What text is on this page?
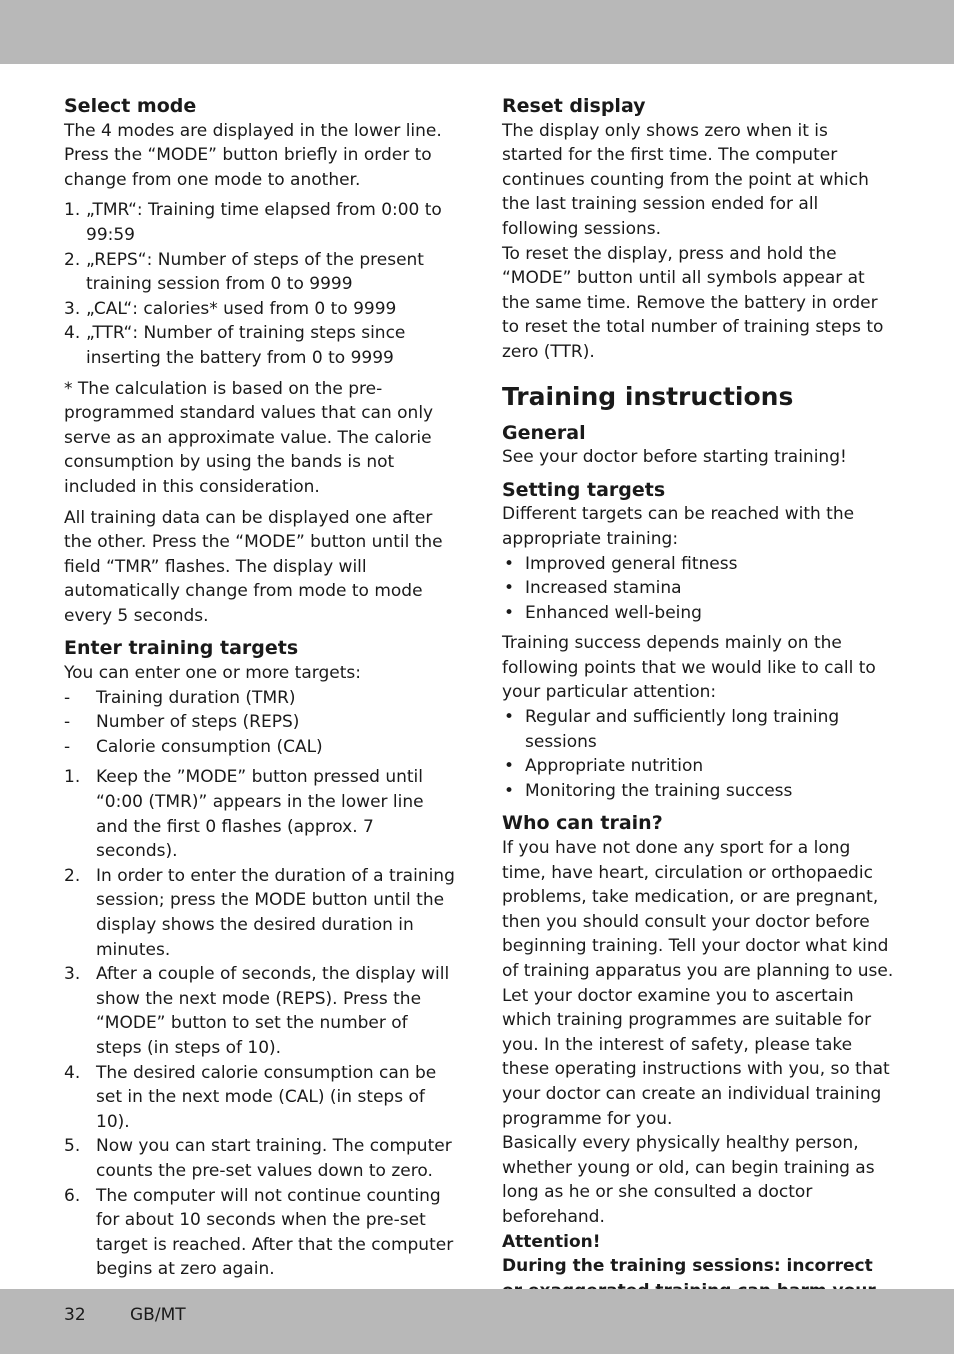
Select mode

The 4 modes are displayed in the lower line. Press the “MODE” button briefly in order to change from one mode to another.

1. „TMR“: Training time elapsed from 0:00 to 99:59
2. „REPS“: Number of steps of the present training session from 0 to 9999
3. „CAL“: calories* used from 0 to 9999
4. „TTR“: Number of training steps since inserting the battery from 0 to 9999

* The calculation is based on the pre-programmed standard values that can only serve as an approximate value. The calorie consumption by using the bands is not included in this consideration.

All training data can be displayed one after the other. Press the “MODE” button until the field “TMR” flashes. The display will automatically change from mode to mode every 5 seconds.

Enter training targets

You can enter one or more targets:

- Training duration (TMR)
- Number of steps (REPS)
- Calorie consumption (CAL)
1. Keep the ”MODE” button pressed until “0:00 (TMR)” appears in the lower line and the first 0 flashes (approx. 7 seconds).
2. In order to enter the duration of a training session; press the MODE button until the display shows the desired duration in minutes.
3. After a couple of seconds, the display will show the next mode (REPS). Press the “MODE” button to set the number of steps (in steps of 10).
4. The desired calorie consumption can be set in the next mode (CAL) (in steps of 10).
5. Now you can start training. The computer counts the pre-set values down to zero.
6. The computer will not continue counting for about 10 seconds when the pre-set target is reached. After that the computer begins at zero again.
Reset display

The display only shows zero when it is started for the first time. The computer continues counting from the point at which the last training session ended for all following sessions.

To reset the display, press and hold the “MODE” button until all symbols appear at the same time. Remove the battery in order to reset the total number of training steps to zero (TTR).

Training instructions
General

See your doctor before starting training!

Setting targets

Different targets can be reached with the appropriate training:

• Improved general fitness
• Increased stamina
• Enhanced well-being

Training success depends mainly on the following points that we would like to call to your particular attention:

• Regular and sufficiently long training sessions
• Appropriate nutrition
• Monitoring the training success
Who can train?

If you have not done any sport for a long time, have heart, circulation or orthopaedic problems, take medication, or are pregnant, then you should consult your doctor before beginning training. Tell your doctor what kind of training apparatus you are planning to use. Let your doctor examine you to ascertain which training programmes are suitable for you. In the interest of safety, please take these operating instructions with you, so that your doctor can create an individual training programme for you.

Basically every physically healthy person, whether young or old, can begin training as long as he or she consulted a doctor beforehand.

Attention!

During the training sessions: incorrect

32	GB/MT
